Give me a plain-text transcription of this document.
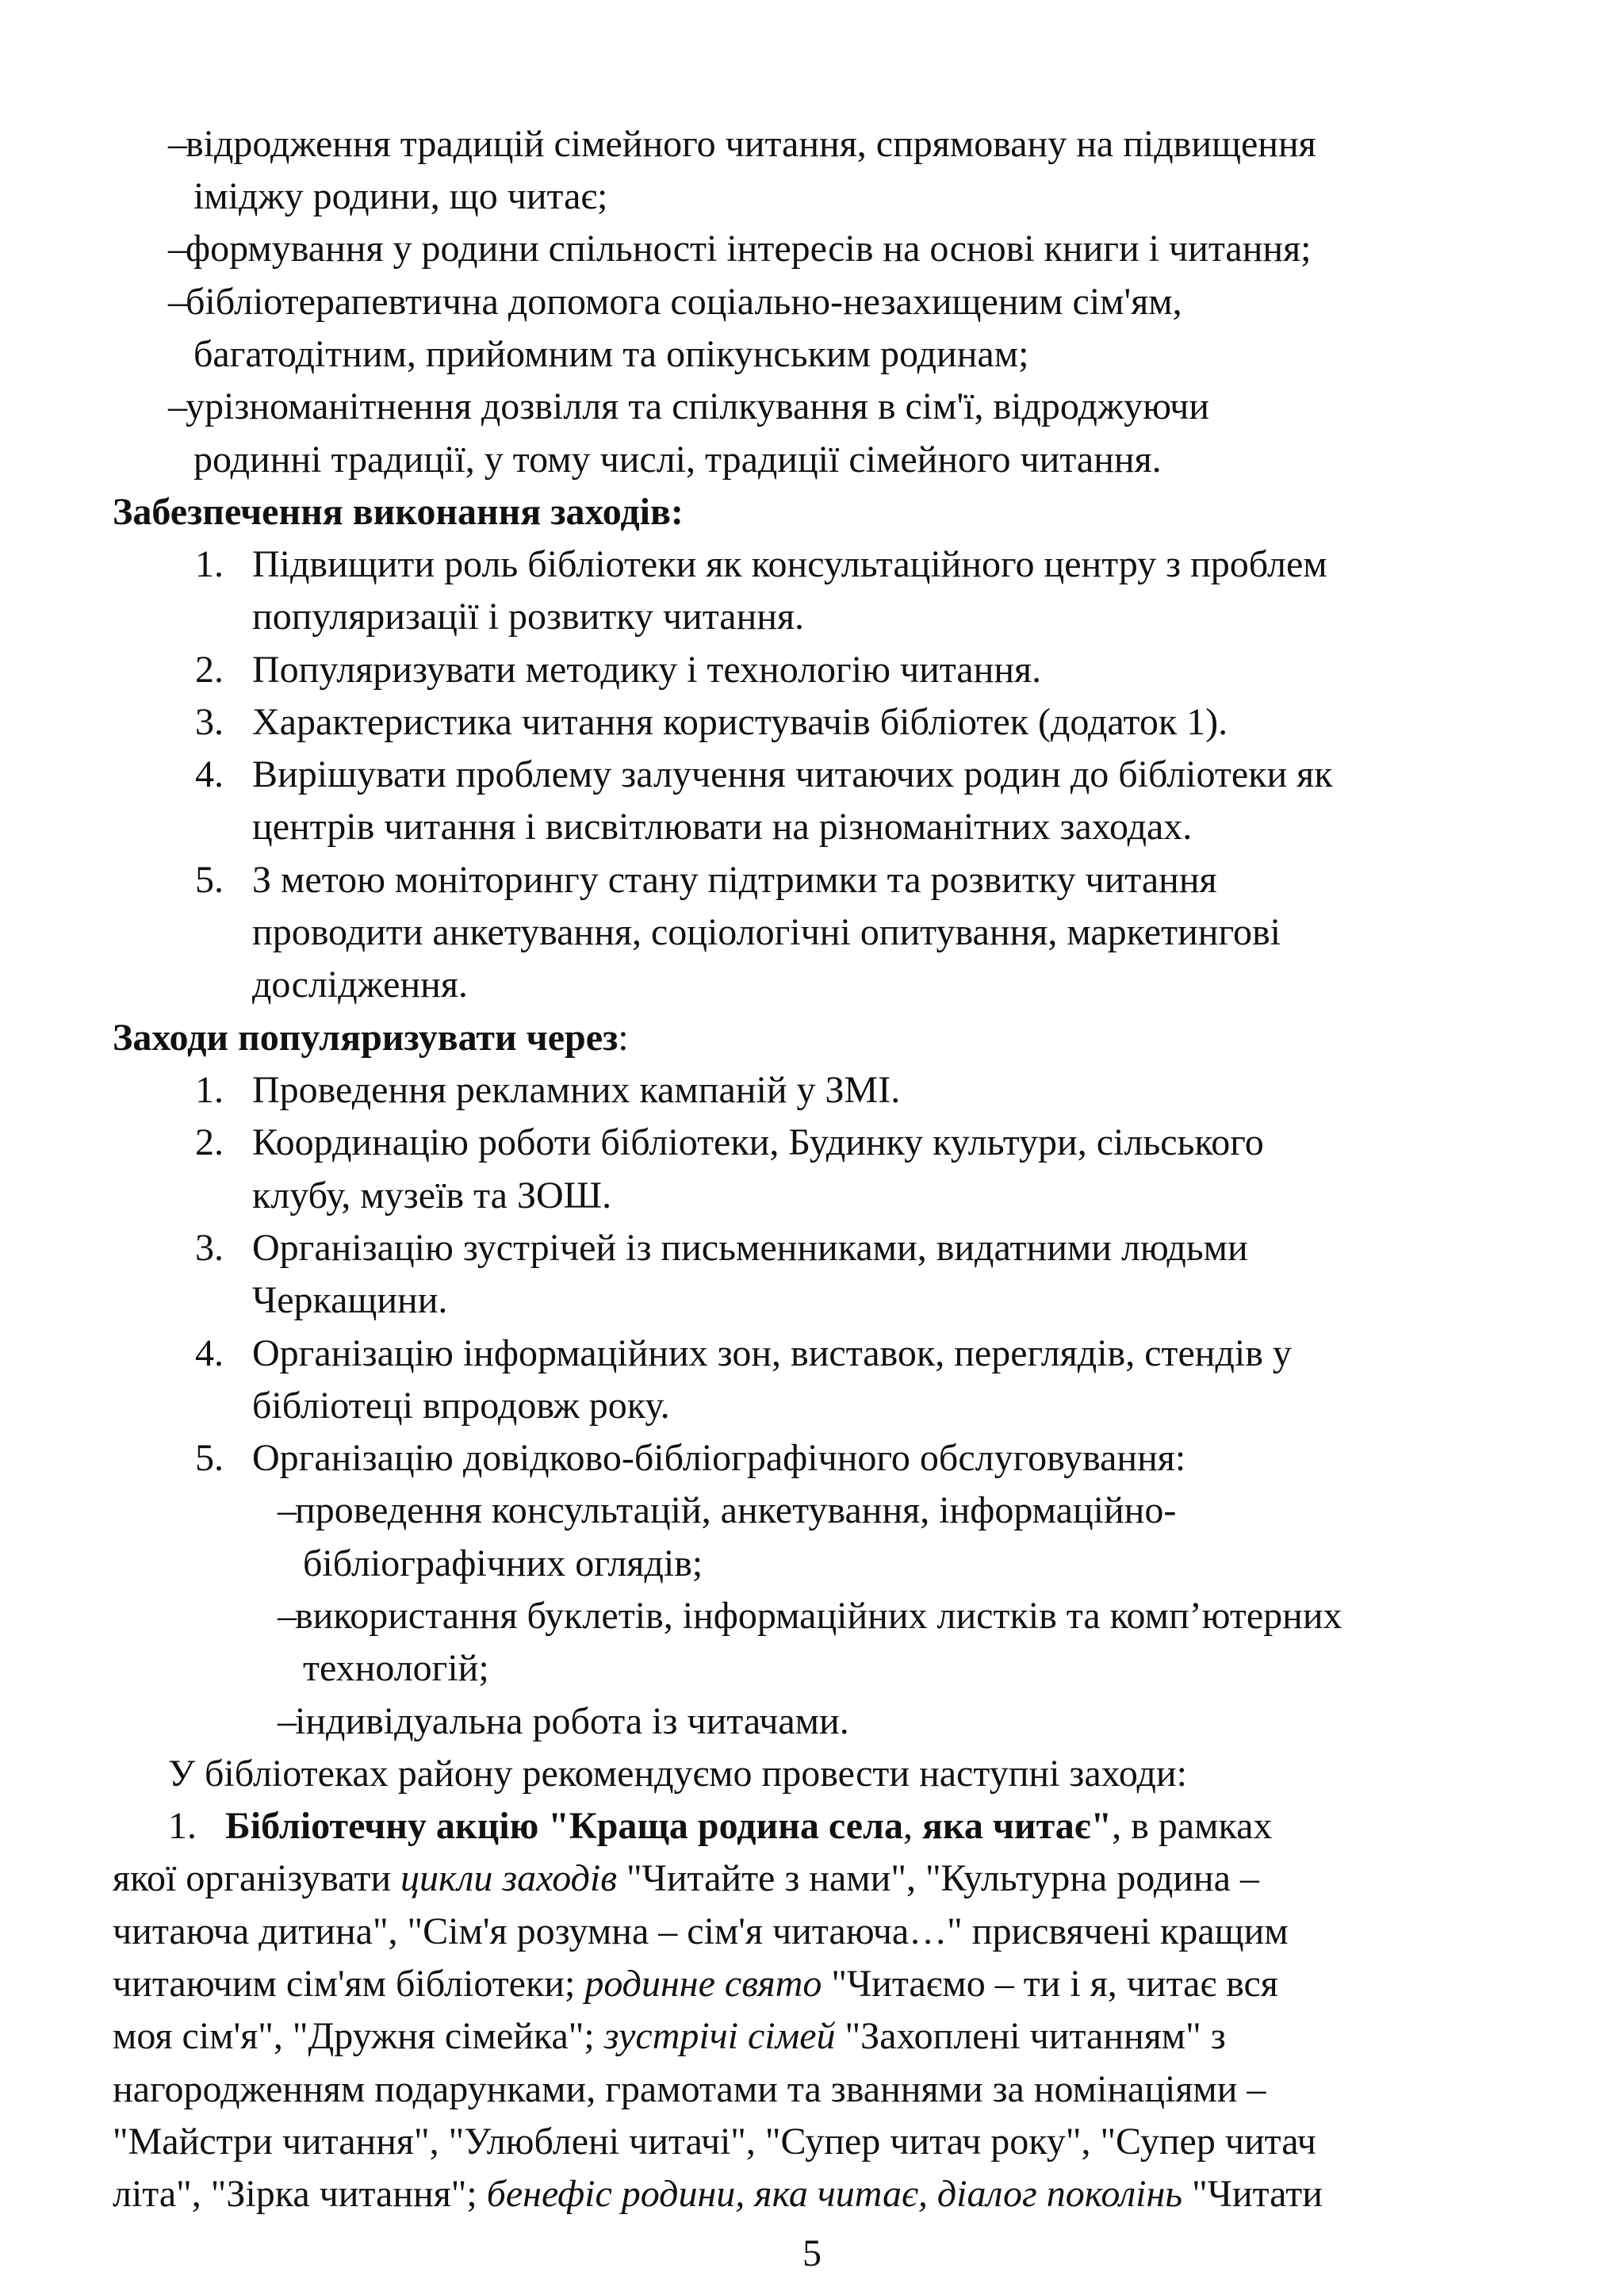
–відродження традицій сімейного читання, спрямовану на підвищення
іміджу родини, що читає;
–формування у родини спільності інтересів на основі книги і читання;
–бібліотерапевтична допомога соціально-незахищеним сім'ям,
багатодітним, прийомним та опікунським родинам;
–урізноманітнення дозвілля та спілкування в сім'ї, відроджуючи
родинні традиції, у тому числі, традиції сімейного читання.
Забезпечення виконання заходів:
1. Підвищити роль бібліотеки як консультаційного центру з проблем
популяризації і розвитку читання.
2. Популяризувати методику і технологію читання.
3. Характеристика читання користувачів бібліотек (додаток 1).
4. Вирішувати проблему залучення читаючих родин до бібліотеки як
центрів читання і висвітлювати на різноманітних заходах.
5. З метою моніторингу стану підтримки та розвитку читання
проводити анкетування, соціологічні опитування, маркетингові
дослідження.
Заходи популяризувати через:
1. Проведення рекламних кампаній у ЗМІ.
2. Координацію роботи бібліотеки, Будинку культури, сільського
клубу, музеїв та ЗОШ.
3. Організацію зустрічей із письменниками, видатними людьми
Черкащини.
4. Організацію інформаційних зон, виставок, переглядів, стендів у
бібліотеці впродовж року.
5. Організацію довідково-бібліографічного обслуговування:
–проведення консультацій, анкетування, інформаційно-
бібліографічних оглядів;
–використання буклетів, інформаційних листків та комп’ютерних
технологій;
–індивідуальна робота із читачами.
У бібліотеках району рекомендуємо провести наступні заходи:
1. Бібліотечну акцію "Краща родина села, яка читає", в рамках
якої організувати цикли заходів "Читайте з нами", "Культурна родина –
читаюча дитина", "Сім'я розумна – сім'я читаюча…" присвячені кращим
читаючим сім'ям бібліотеки; родинне свято "Читаємо – ти і я, читає вся
моя сім'я", "Дружня сімейка"; зустрічі сімей "Захоплені читанням" з
нагородженням подарунками, грамотами та званнями за номінаціями –
"Майстри читання", "Улюблені читачі", "Супер читач року", "Супер читач
літа", "Зірка читання"; бенефіс родини, яка читає, діалог поколінь "Читати
5
